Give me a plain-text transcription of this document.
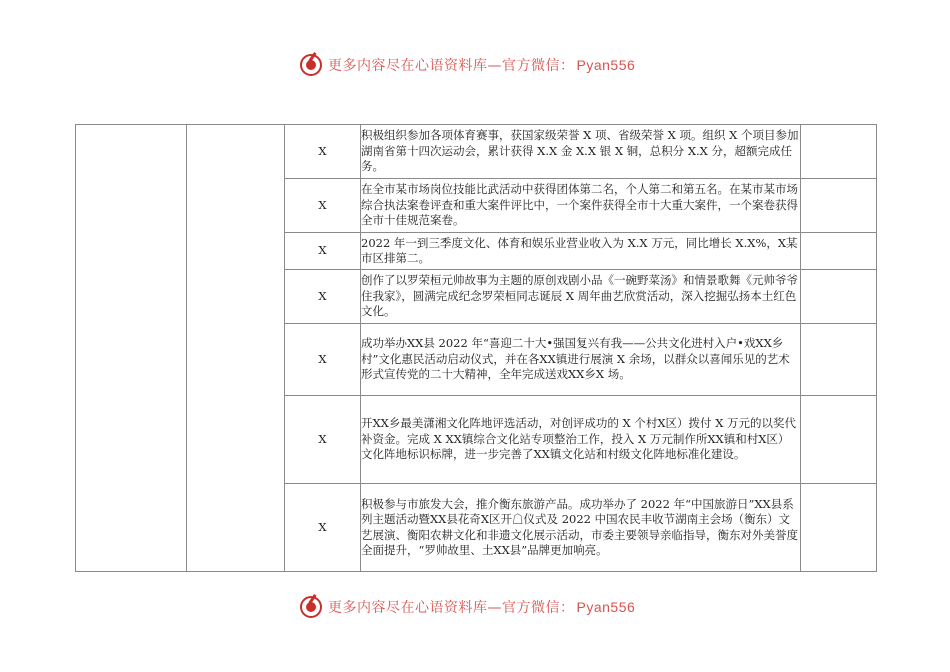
更多内容尽在心语资料库—官方微信： Pyan556
		X	积极组织参加各项体育赛事，获国家级荣誉 X 项、省级荣誉 X 项。组织 X 个项目参加湖南省第十四次运动会，累计获得 X.X 金 X.X 银 X 铜，总积分 X.X 分，超额完成任务。	
		X	在全市某市场岗位技能比武活动中获得团体第二名，个人第二和第五名。在某市某市场综合执法案卷评查和重大案件评比中，一个案件获得全市十大重大案件，一个案卷获得全市十佳规范案卷。	
		X	2022 年一到三季度文化、体育和娱乐业营业收入为 X.X 万元，同比增长 X.X%，X某市区排第二。	
		X	创作了以罗荣桓元帅故事为主题的原创戏剧小品《一碗野菜汤》和情景歌舞《元帅爷爷住我家》，圆满完成纪念罗荣桓同志诞辰 X 周年曲艺欣赏活动，深入挖掘弘扬本土红色文化。	
		X	成功举办XX县 2022 年“喜迎二十大•强国复兴有我——公共文化进村入户•戏XX乡村”文化惠民活动启动仪式，并在各XX镇进行展演 X 余场，以群众以喜闻乐见的艺术形式宣传党的二十大精神，全年完成送戏XX乡X 场。	
		X	开XX乡最美潇湘文化阵地评选活动，对创评成功的 X 个村X区）拨付 X 万元的以奖代补资金。完成 X XX镇综合文化站专项整治工作，投入 X 万元制作所XX镇和村X区）文化阵地标识标牌，进一步完善了XX镇文化站和村级文化阵地标准化建设。	
		X	积极参与市旅发大会，推介衡东旅游产品。成功举办了 2022 年“中国旅游日”XX县系列主题活动暨XX县花奇X区开☖仪式及 2022 中国农民丰收节湖南主会场（衡东）文艺展演、衡阳农耕文化和非遗文化展示活动，市委主要领导亲临指导，衡东对外美誉度全面提升，“罗帅故里、土XX县”品牌更加响亮。	
更多内容尽在心语资料库—官方微信： Pyan556
